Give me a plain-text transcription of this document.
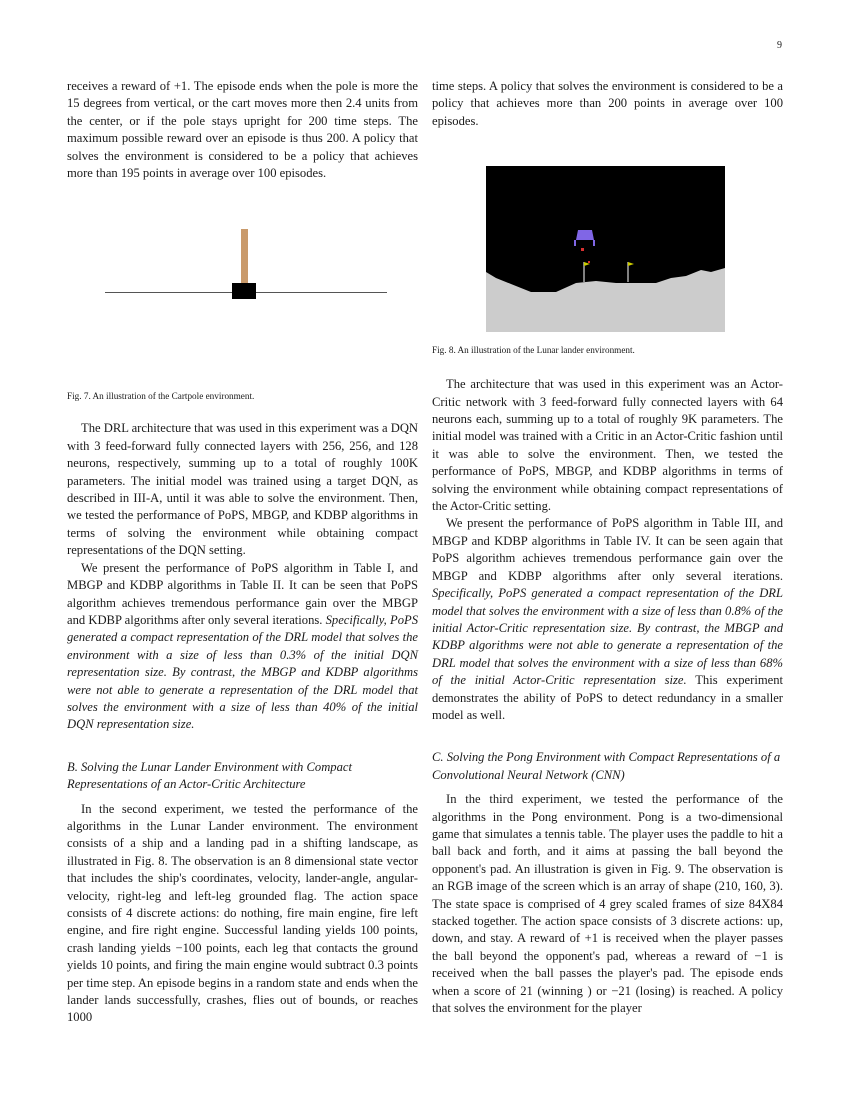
9

receives a reward of +1. The episode ends when the pole is more the 15 degrees from vertical, or the cart moves more then 2.4 units from the center, or if the pole stays upright for 200 time steps. The maximum possible reward over an episode is thus 200. A policy that solves the environment is considered to be a policy that achieves more than 195 points in average over 100 episodes.

Fig. 7. An illustration of the Cartpole environment.

The DRL architecture that was used in this experiment was a DQN with 3 feed-forward fully connected layers with 256, 256, and 128 neurons, respectively, summing up to a total of roughly 100K parameters. The initial model was trained using a target DQN, as described in III-A, until it was able to solve the environment. Then, we tested the performance of PoPS, MBGP, and KDBP algorithms in terms of solving the environment while obtaining compact representations of the DQN setting.

We present the performance of PoPS algorithm in Table I, and MBGP and KDBP algorithms in Table II. It can be seen that PoPS algorithm achieves tremendous performance gain over the MBGP and KDBP algorithms after only several iterations. Specifically, PoPS generated a compact representation of the DRL model that solves the environment with a size of less than 0.3% of the initial DQN representation size. By contrast, the MBGP and KDBP algorithms were not able to generate a representation of the DRL model that solves the environment with a size of less than 40% of the initial DQN representation size.

B. Solving the Lunar Lander Environment with Compact Representations of an Actor-Critic Architecture

In the second experiment, we tested the performance of the algorithms in the Lunar Lander environment. The environment consists of a ship and a landing pad in a shifting landscape, as illustrated in Fig. 8. The observation is an 8 dimensional state vector that includes the ship's coordinates, velocity, lander-angle, angular-velocity, right-leg and left-leg grounded flag. The action space consists of 4 discrete actions: do nothing, fire main engine, fire left engine, and fire right engine. Successful landing yields 100 points, crash landing yields −100 points, each leg that contacts the ground yields 10 points, and firing the main engine would subtract 0.3 points per time step. An episode begins in a random state and ends when the lander lands successfully, crashes, flies out of bounds, or reaches 1000

time steps. A policy that solves the environment is considered to be a policy that achieves more than 200 points in average over 100 episodes.

Fig. 8. An illustration of the Lunar lander environment.

The architecture that was used in this experiment was an Actor-Critic network with 3 feed-forward fully connected layers with 64 neurons each, summing up to a total of roughly 9K parameters. The initial model was trained with a Critic in an Actor-Critic fashion until it was able to solve the environment. Then, we tested the performance of PoPS, MBGP, and KDBP algorithms in terms of solving the environment while obtaining compact representations of the Actor-Critic setting.

We present the performance of PoPS algorithm in Table III, and MBGP and KDBP algorithms in Table IV. It can be seen again that PoPS algorithm achieves tremendous performance gain over the MBGP and KDBP algorithms after only several iterations. Specifically, PoPS generated a compact representation of the DRL model that solves the environment with a size of less than 0.8% of the initial Actor-Critic representation size. By contrast, the MBGP and KDBP algorithms were not able to generate a representation of the DRL model that solves the environment with a size of less than 68% of the initial Actor-Critic representation size. This experiment demonstrates the ability of PoPS to detect redundancy in a smaller model as well.

C. Solving the Pong Environment with Compact Representations of a Convolutional Neural Network (CNN)

In the third experiment, we tested the performance of the algorithms in the Pong environment. Pong is a two-dimensional game that simulates a tennis table. The player uses the paddle to hit a ball back and forth, and it aims at passing the ball beyond the opponent's pad. An illustration is given in Fig. 9. The observation is an RGB image of the screen which is an array of shape (210, 160, 3). The state space is comprised of 4 grey scaled frames of size 84X84 stacked together. The action space consists of 3 discrete actions: up, down, and stay. A reward of +1 is received when the player passes the ball beyond the opponent's pad, whereas a reward of −1 is received when the ball passes the player's pad. The episode ends when a score of 21 (winning ) or −21 (losing) is reached. A policy that solves the environment for the player
